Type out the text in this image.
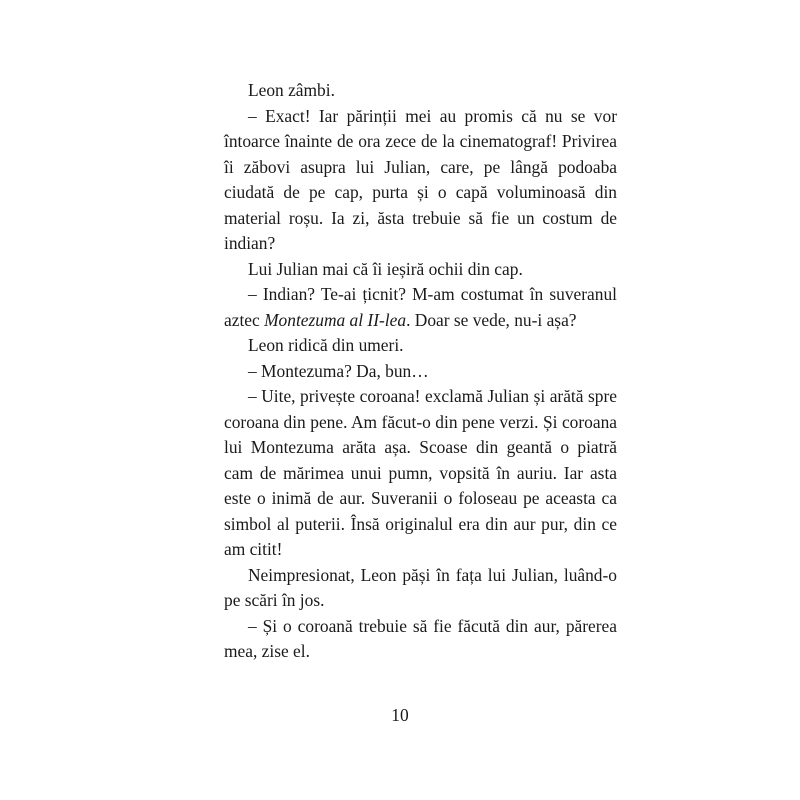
Leon zâmbi.

– Exact! Iar părinții mei au promis că nu se vor întoarce înainte de ora zece de la cinematograf! Privirea îi zăbovi asupra lui Julian, care, pe lângă podoaba ciudată de pe cap, purta și o capă voluminoasă din material roșu. Ia zi, ăsta trebuie să fie un costum de indian?

Lui Julian mai că îi ieșiră ochii din cap.

– Indian? Te-ai țicnit? M-am costumat în suveranul aztec Montezuma al II-lea. Doar se vede, nu-i așa?

Leon ridică din umeri.

– Montezuma? Da, bun…

– Uite, privește coroana! exclamă Julian și arătă spre coroana din pene. Am făcut-o din pene verzi. Și coroana lui Montezuma arăta așa. Scoase din geantă o piatră cam de mărimea unui pumn, vopsită în auriu. Iar asta este o inimă de aur. Suveranii o foloseau pe aceasta ca simbol al puterii. Însă originalul era din aur pur, din ce am citit!

Neimpresionat, Leon păși în fața lui Julian, luând-o pe scări în jos.

– Și o coroană trebuie să fie făcută din aur, părerea mea, zise el.

10
